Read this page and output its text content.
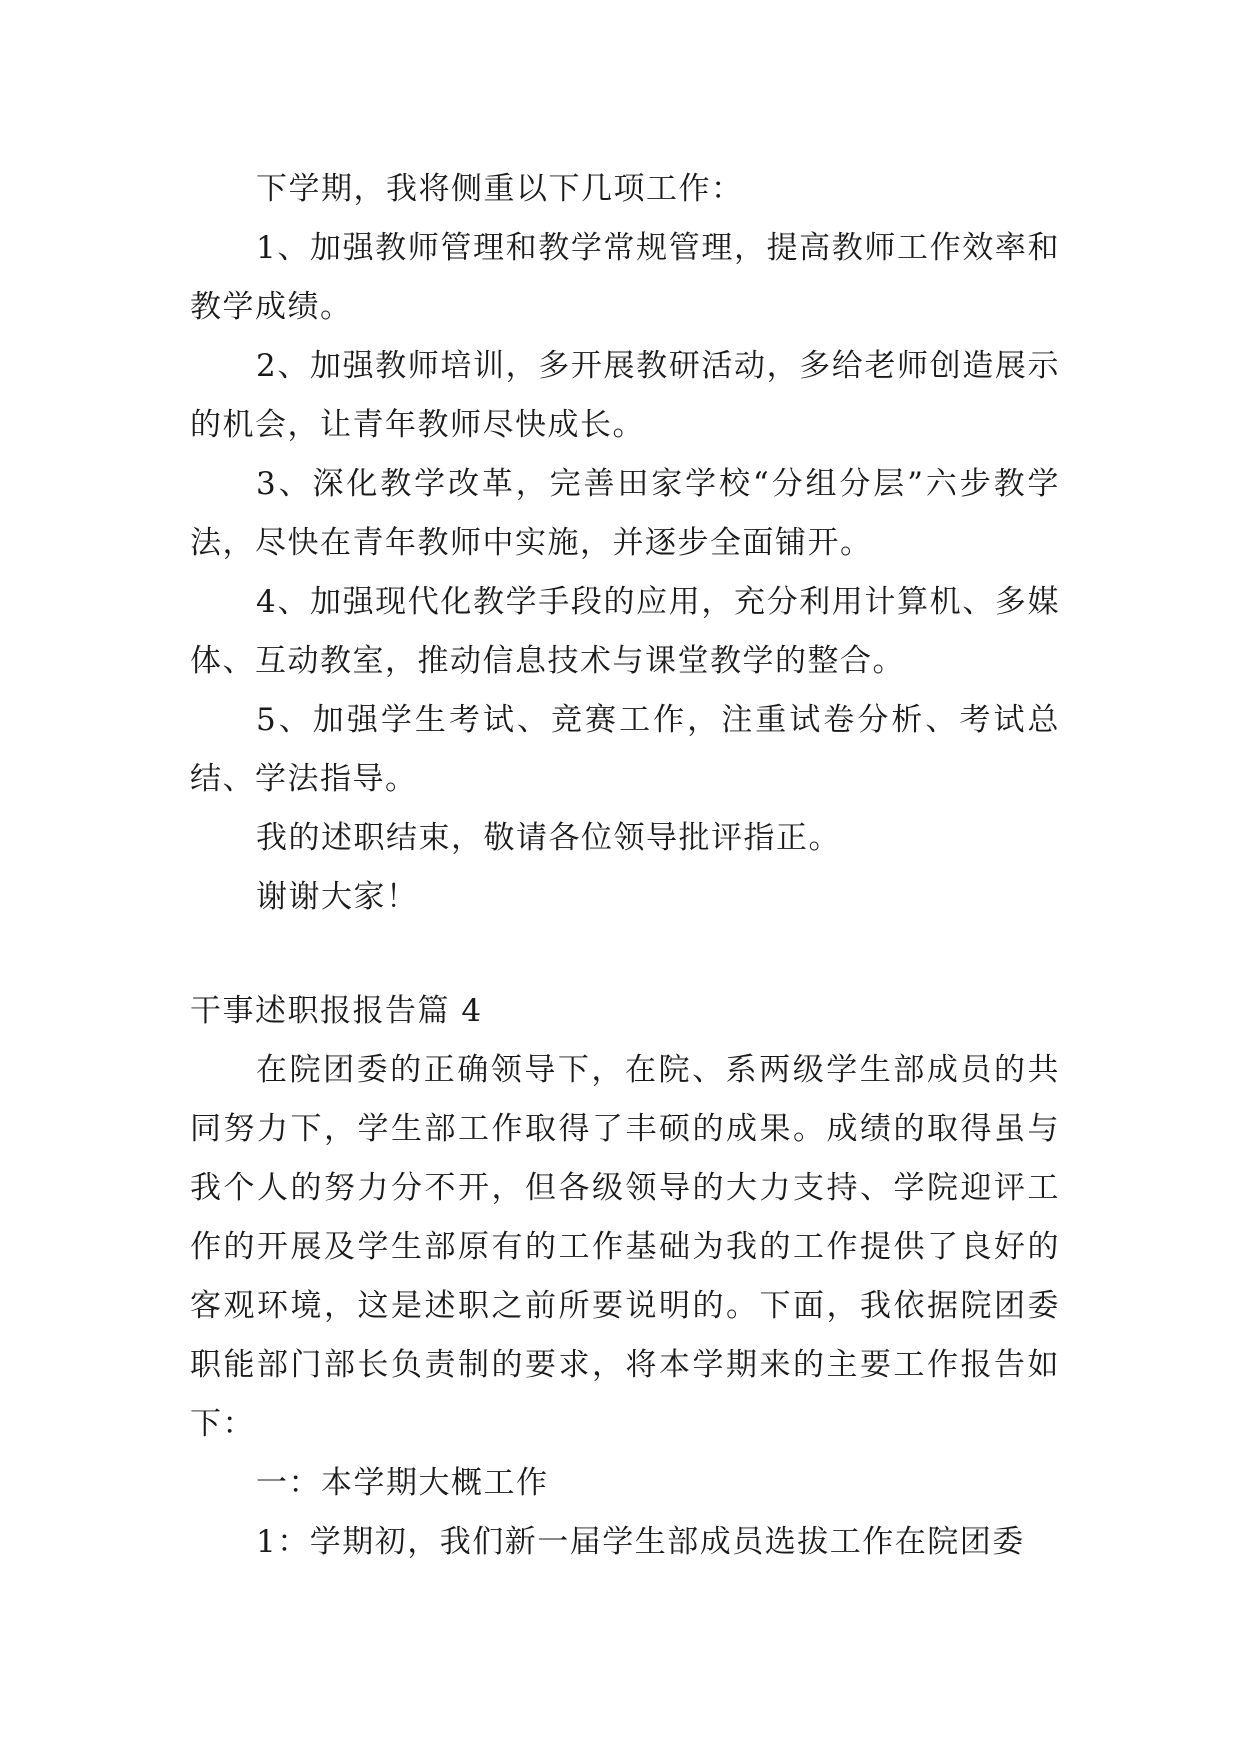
下学期，我将侧重以下几项工作：

1、加强教师管理和教学常规管理，提高教师工作效率和教学成绩。

2、加强教师培训，多开展教研活动，多给老师创造展示的机会，让青年教师尽快成长。

3、深化教学改革，完善田家学校“分组分层”六步教学法，尽快在青年教师中实施，并逐步全面铺开。

4、加强现代化教学手段的应用，充分利用计算机、多媒体、互动教室，推动信息技术与课堂教学的整合。

5、加强学生考试、竞赛工作，注重试卷分析、考试总结、学法指导。

我的述职结束，敬请各位领导批评指正。

谢谢大家！

干事述职报报告篇 4

在院团委的正确领导下，在院、系两级学生部成员的共同努力下，学生部工作取得了丰硕的成果。成绩的取得虽与我个人的努力分不开，但各级领导的大力支持、学院迎评工作的开展及学生部原有的工作基础为我的工作提供了良好的客观环境，这是述职之前所要说明的。下面，我依据院团委职能部门部长负责制的要求，将本学期来的主要工作报告如下：

一：本学期大概工作

1：学期初，我们新一届学生部成员选拔工作在院团委
